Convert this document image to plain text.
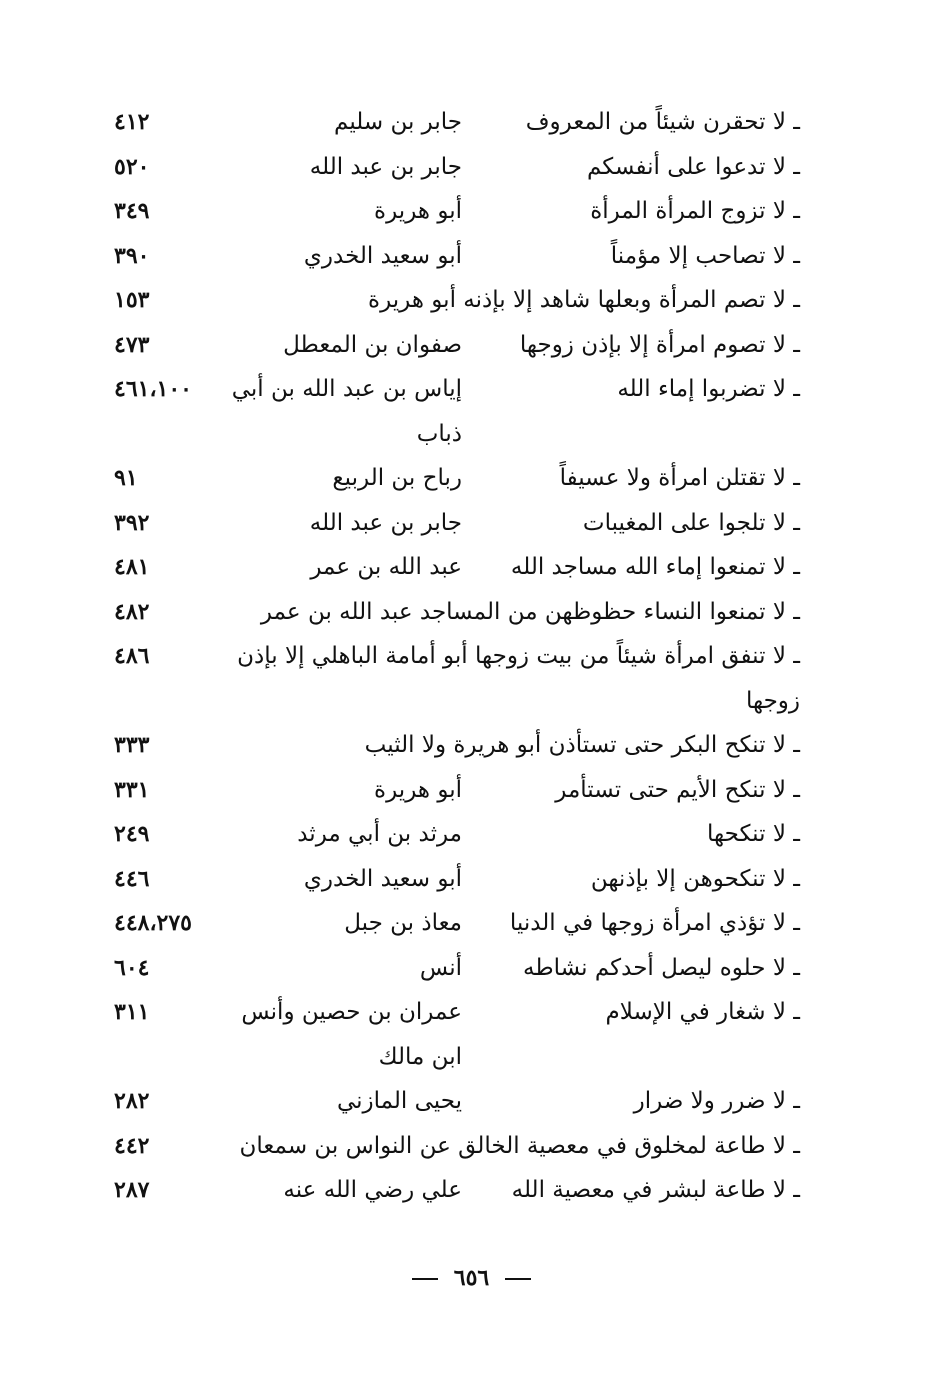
ـ لا تحقرن شيئاً من المعروف
جابر بن سليم
٤١٢
ـ لا تدعوا على أنفسكم
جابر بن عبد الله
٥٢٠
ـ لا تزوج المرأة المرأة
أبو هريرة
٣٤٩
ـ لا تصاحب إلا مؤمناً
أبو سعيد الخدري
٣٩٠
ـ لا تصم المرأة وبعلها شاهد إلا بإذنه أبو هريرة
١٥٣
ـ لا تصوم امرأة إلا بإذن زوجها
صفوان بن المعطل
٤٧٣
ـ لا تضربوا إماء الله
إياس بن عبد الله بن أبي ذباب
٤٦١،١٠٠
ـ لا تقتلن امرأة ولا عسيفاً
رباح بن الربيع
٩١
ـ لا تلجوا على المغيبات
جابر بن عبد الله
٣٩٢
ـ لا تمنعوا إماء الله مساجد الله
عبد الله بن عمر
٤٨١
ـ لا تمنعوا النساء حظوظهن من المساجد عبد الله بن عمر
٤٨٢
ـ لا تنفق امرأة شيئاً من بيت زوجها أبو أمامة الباهلي إلا بإذن زوجها
٤٨٦
ـ لا تنكح البكر حتى تستأذن أبو هريرة ولا الثيب
٣٣٣
ـ لا تنكح الأيم حتى تستأمر
أبو هريرة
٣٣١
ـ لا تنكحها
مرثد بن أبي مرثد
٢٤٩
ـ لا تنكحوهن إلا بإذنهن
أبو سعيد الخدري
٤٤٦
ـ لا تؤذي امرأة زوجها في الدنيا
معاذ بن جبل
٤٤٨،٢٧٥
ـ لا حلوه ليصل أحدكم نشاطه
أنس
٦٠٤
ـ لا شغار في الإسلام
عمران بن حصين وأنس ابن مالك
٣١١
ـ لا ضرر ولا ضرار
يحيى المازني
٢٨٢
ـ لا طاعة لمخلوق في معصية الخالق عن النواس بن سمعان
٤٤٢
ـ لا طاعة لبشر في معصية الله
علي رضي الله عنه
٢٨٧
٦٥٦
